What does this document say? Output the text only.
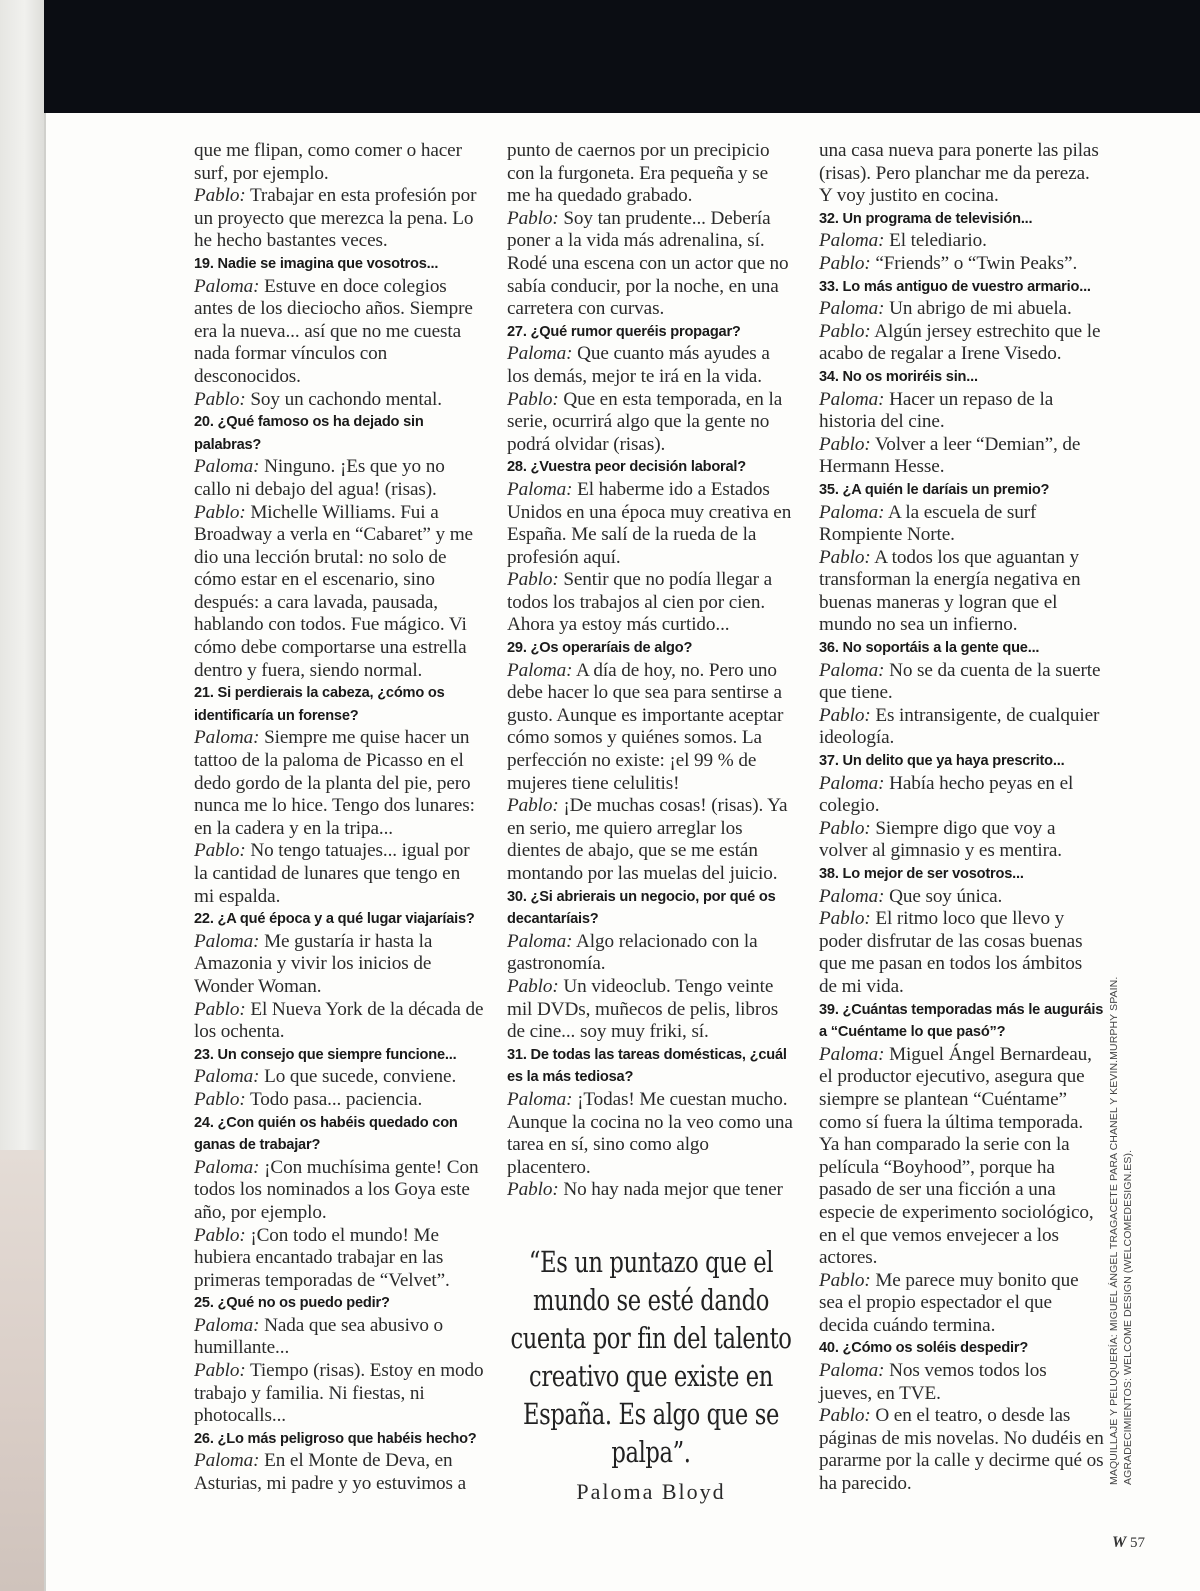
que me flipan, como comer o hacer surf, por ejemplo.
Pablo: Trabajar en esta profesión por un proyecto que merezca la pena. Lo he hecho bastantes veces.
19. Nadie se imagina que vosotros...
Paloma: Estuve en doce colegios antes de los dieciocho años. Siempre era la nueva... así que no me cuesta nada formar vínculos con desconocidos.
Pablo: Soy un cachondo mental.
20. ¿Qué famoso os ha dejado sin palabras?
Paloma: Ninguno. ¡Es que yo no callo ni debajo del agua! (risas).
Pablo: Michelle Williams. Fui a Broadway a verla en “Cabaret” y me dio una lección brutal: no solo de cómo estar en el escenario, sino después: a cara lavada, pausada, hablando con todos. Fue mágico. Vi cómo debe comportarse una estrella dentro y fuera, siendo normal.
21. Si perdierais la cabeza, ¿cómo os identificaría un forense?
Paloma: Siempre me quise hacer un tattoo de la paloma de Picasso en el dedo gordo de la planta del pie, pero nunca me lo hice. Tengo dos lunares: en la cadera y en la tripa...
Pablo: No tengo tatuajes... igual por la cantidad de lunares que tengo en mi espalda.
22. ¿A qué época y a qué lugar viajaríais?
Paloma: Me gustaría ir hasta la Amazonia y vivir los inicios de Wonder Woman.
Pablo: El Nueva York de la década de los ochenta.
23. Un consejo que siempre funcione...
Paloma: Lo que sucede, conviene.
Pablo: Todo pasa... paciencia.
24. ¿Con quién os habéis quedado con ganas de trabajar?
Paloma: ¡Con muchísima gente! Con todos los nominados a los Goya este año, por ejemplo.
Pablo: ¡Con todo el mundo! Me hubiera encantado trabajar en las primeras temporadas de “Velvet”.
25. ¿Qué no os puedo pedir?
Paloma: Nada que sea abusivo o humillante...
Pablo: Tiempo (risas). Estoy en modo trabajo y familia. Ni fiestas, ni photocalls...
26. ¿Lo más peligroso que habéis hecho?
Paloma: En el Monte de Deva, en Asturias, mi padre y yo estuvimos a
punto de caernos por un precipicio con la furgoneta. Era pequeña y se me ha quedado grabado.
Pablo: Soy tan prudente... Debería poner a la vida más adrenalina, sí. Rodé una escena con un actor que no sabía conducir, por la noche, en una carretera con curvas.
27. ¿Qué rumor queréis propagar?
Paloma: Que cuanto más ayudes a los demás, mejor te irá en la vida.
Pablo: Que en esta temporada, en la serie, ocurrirá algo que la gente no podrá olvidar (risas).
28. ¿Vuestra peor decisión laboral?
Paloma: El haberme ido a Estados Unidos en una época muy creativa en España. Me salí de la rueda de la profesión aquí.
Pablo: Sentir que no podía llegar a todos los trabajos al cien por cien. Ahora ya estoy más curtido...
29. ¿Os operaríais de algo?
Paloma: A día de hoy, no. Pero uno debe hacer lo que sea para sentirse a gusto. Aunque es importante aceptar cómo somos y quiénes somos. La perfección no existe: ¡el 99 % de mujeres tiene celulitis!
Pablo: ¡De muchas cosas! (risas). Ya en serio, me quiero arreglar los dientes de abajo, que se me están montando por las muelas del juicio.
30. ¿Si abrierais un negocio, por qué os decantaríais?
Paloma: Algo relacionado con la gastronomía.
Pablo: Un videoclub. Tengo veinte mil DVDs, muñecos de pelis, libros de cine... soy muy friki, sí.
31. De todas las tareas domésticas, ¿cuál es la más tediosa?
Paloma: ¡Todas! Me cuestan mucho. Aunque la cocina no la veo como una tarea en sí, sino como algo placentero.
Pablo: No hay nada mejor que tener
una casa nueva para ponerte las pilas (risas). Pero planchar me da pereza. Y voy justito en cocina.
32. Un programa de televisión...
Paloma: El telediario.
Pablo: “Friends” o “Twin Peaks”.
33. Lo más antiguo de vuestro armario...
Paloma: Un abrigo de mi abuela.
Pablo: Algún jersey estrechito que le acabo de regalar a Irene Visedo.
34. No os moriréis sin...
Paloma: Hacer un repaso de la historia del cine.
Pablo: Volver a leer “Demian”, de Hermann Hesse.
35. ¿A quién le daríais un premio?
Paloma: A la escuela de surf Rompiente Norte.
Pablo: A todos los que aguantan y transforman la energía negativa en buenas maneras y logran que el mundo no sea un infierno.
36. No soportáis a la gente que...
Paloma: No se da cuenta de la suerte que tiene.
Pablo: Es intransigente, de cualquier ideología.
37. Un delito que ya haya prescrito...
Paloma: Había hecho peyas en el colegio.
Pablo: Siempre digo que voy a volver al gimnasio y es mentira.
38. Lo mejor de ser vosotros...
Paloma: Que soy única.
Pablo: El ritmo loco que llevo y poder disfrutar de las cosas buenas que me pasan en todos los ámbitos de mi vida.
39. ¿Cuántas temporadas más le auguráis a “Cuéntame lo que pasó”?
Paloma: Miguel Ángel Bernardeau, el productor ejecutivo, asegura que siempre se plantean “Cuéntame” como sí fuera la última temporada. Ya han comparado la serie con la película “Boyhood”, porque ha pasado de ser una ficción a una especie de experimento sociológico, en el que vemos envejecer a los actores.
Pablo: Me parece muy bonito que sea el propio espectador el que decida cuándo termina.
40. ¿Cómo os soléis despedir?
Paloma: Nos vemos todos los jueves, en TVE.
Pablo: O en el teatro, o desde las páginas de mis novelas. No dudéis en pararme por la calle y decirme qué os ha parecido.
“Es un puntazo que el mundo se esté dando cuenta por fin del talento creativo que existe en España. Es algo que se palpa”.
Paloma Bloyd
MAQUILLAJE Y PELUQUERÍA: MIGUEL ÁNGEL TRAGACETE PARA CHANEL Y KEVIN.MURPHY SPAIN. AGRADECIMIENTOS: WELCOME DESIGN (WELCOMEDESIGN.ES).
W 57
